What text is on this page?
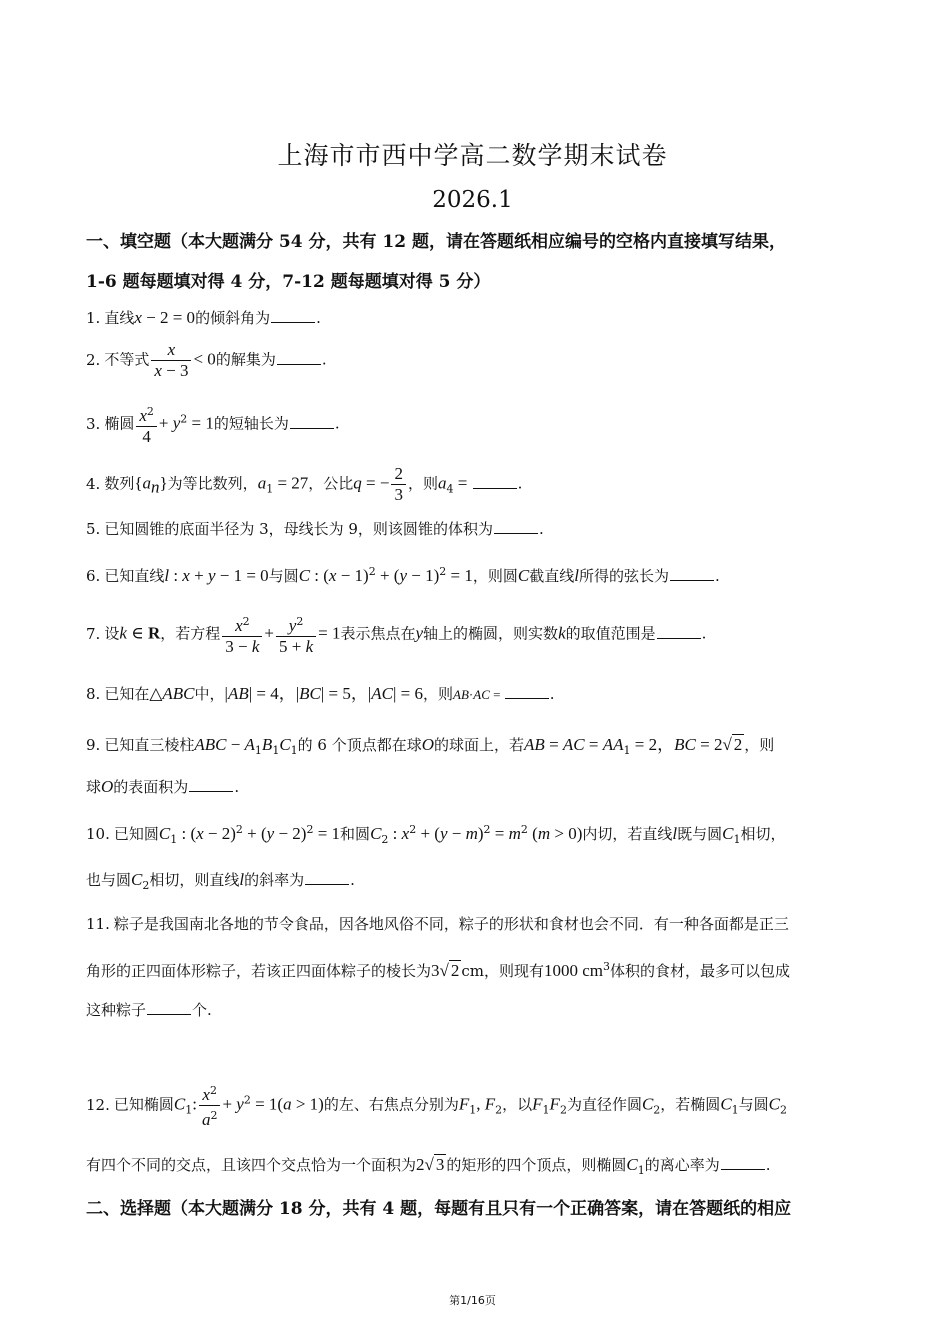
上海市市西中学高二数学期末试卷
2026.1
一、填空题（本大题满分 54 分，共有 12 题，请在答题纸相应编号的空格内直接填写结果，
1-6 题每题填对得 4 分，7-12 题每题填对得 5 分）
1. 直线x − 2 = 0的倾斜角为	.
2. 不等式 $\frac{x}{x - 3} < 0$的解集为	.
3. 椭圆 $\frac{x^2}{4} + y^2 = 1$的短轴长为	.
4. 数列$\{a_n\}$为等比数列，$a_1 = 27$，公比q = − $\frac{2}{3}$ ，则$a_4$ =	.
5. 已知圆锥的底面半径为 3，母线长为 9，则该圆锥的体积为	.
6. 已知直线l : x + y − 1 = 0与圆C : $(x - 1)^2 + (y - 1)^2 = 1$，则圆C截直线l所得的弦长为	.
7. 设k ∈ R，若方程 $\frac{x^2}{3 - k} + \frac{y^2}{5 + k} = 1$表示焦点在y轴上的椭圆，则实数k的取值范围是	.
8. 已知在△ABC中，|AB| = 4，|BC| = 5，|AC| = 6，则AB·AC =	.
9. 已知直三棱柱ABC − $A_1B_1C_1$的 6 个顶点都在球O的球面上，若AB = AC = $AA_1 = 2$，BC = 2√ 2 ，则
球O的表面积为	.
10. 已知圆$C_1$ : $(x - 2)^2 + (y - 2)^2 = 1$和圆$C_2$ : $x^2 + (y - m)^2 = m^2$ (m > 0)内切，若直线l既与圆$C_1$相切，
也与圆$C_2$相切，则直线l的斜率为	.
11. 粽子是我国南北各地的节令食品，因各地风俗不同，粽子的形状和食材也会不同．有一种各面都是正三
角形的正四面体形粽子，若该正四面体粽子的棱长为3√ 2 cm，则现有1000 $cm^3$体积的食材，最多可以包成
这种粽子	个.
12. 已知椭圆$C_1$: $\frac{x^2}{a^2} + y^2 = 1(a > 1)$的左、右焦点分别为$F_1$, $F_2$，以$F_1F_2$为直径作圆$C_2$，若椭圆$C_1$与圆$C_2$
有四个不同的交点，且该四个交点恰为一个面积为2√ 3 的矩形的四个顶点，则椭圆$C_1$的离心率为	.
二、选择题（本大题满分 18 分，共有 4 题，每题有且只有一个正确答案，请在答题纸的相应
第1/16页
